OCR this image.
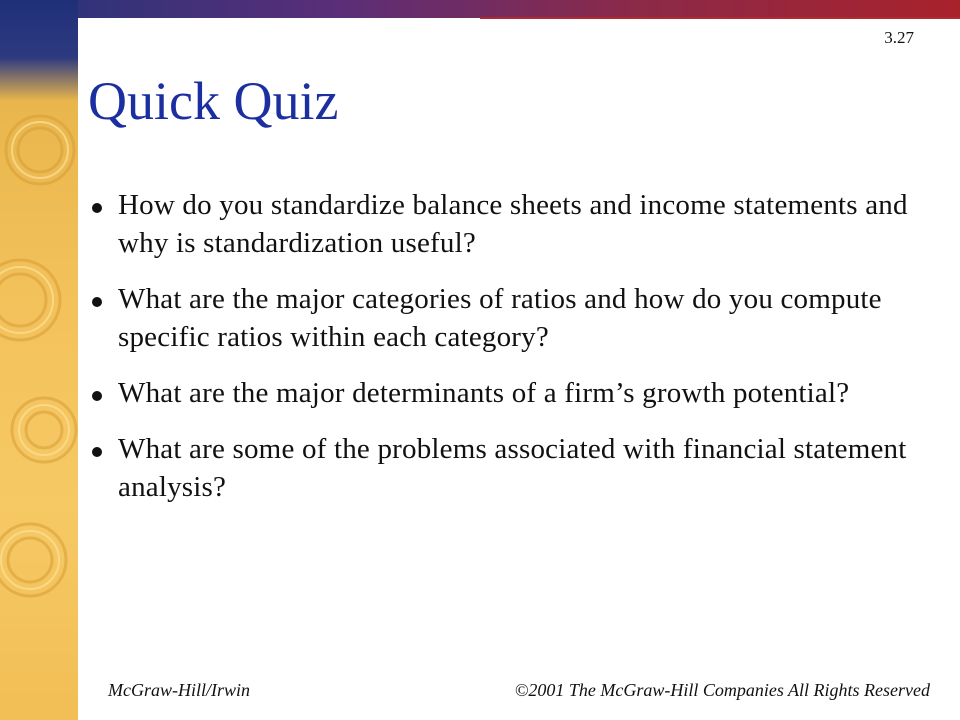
3.27
Quick Quiz
How do you standardize balance sheets and income statements and why is standardization useful?
What are the major categories of ratios and how do you compute specific ratios within each category?
What are the major determinants of a firm’s growth potential?
What are some of the problems associated with financial statement analysis?
McGraw-Hill/Irwin	©2001 The McGraw-Hill Companies All Rights Reserved
